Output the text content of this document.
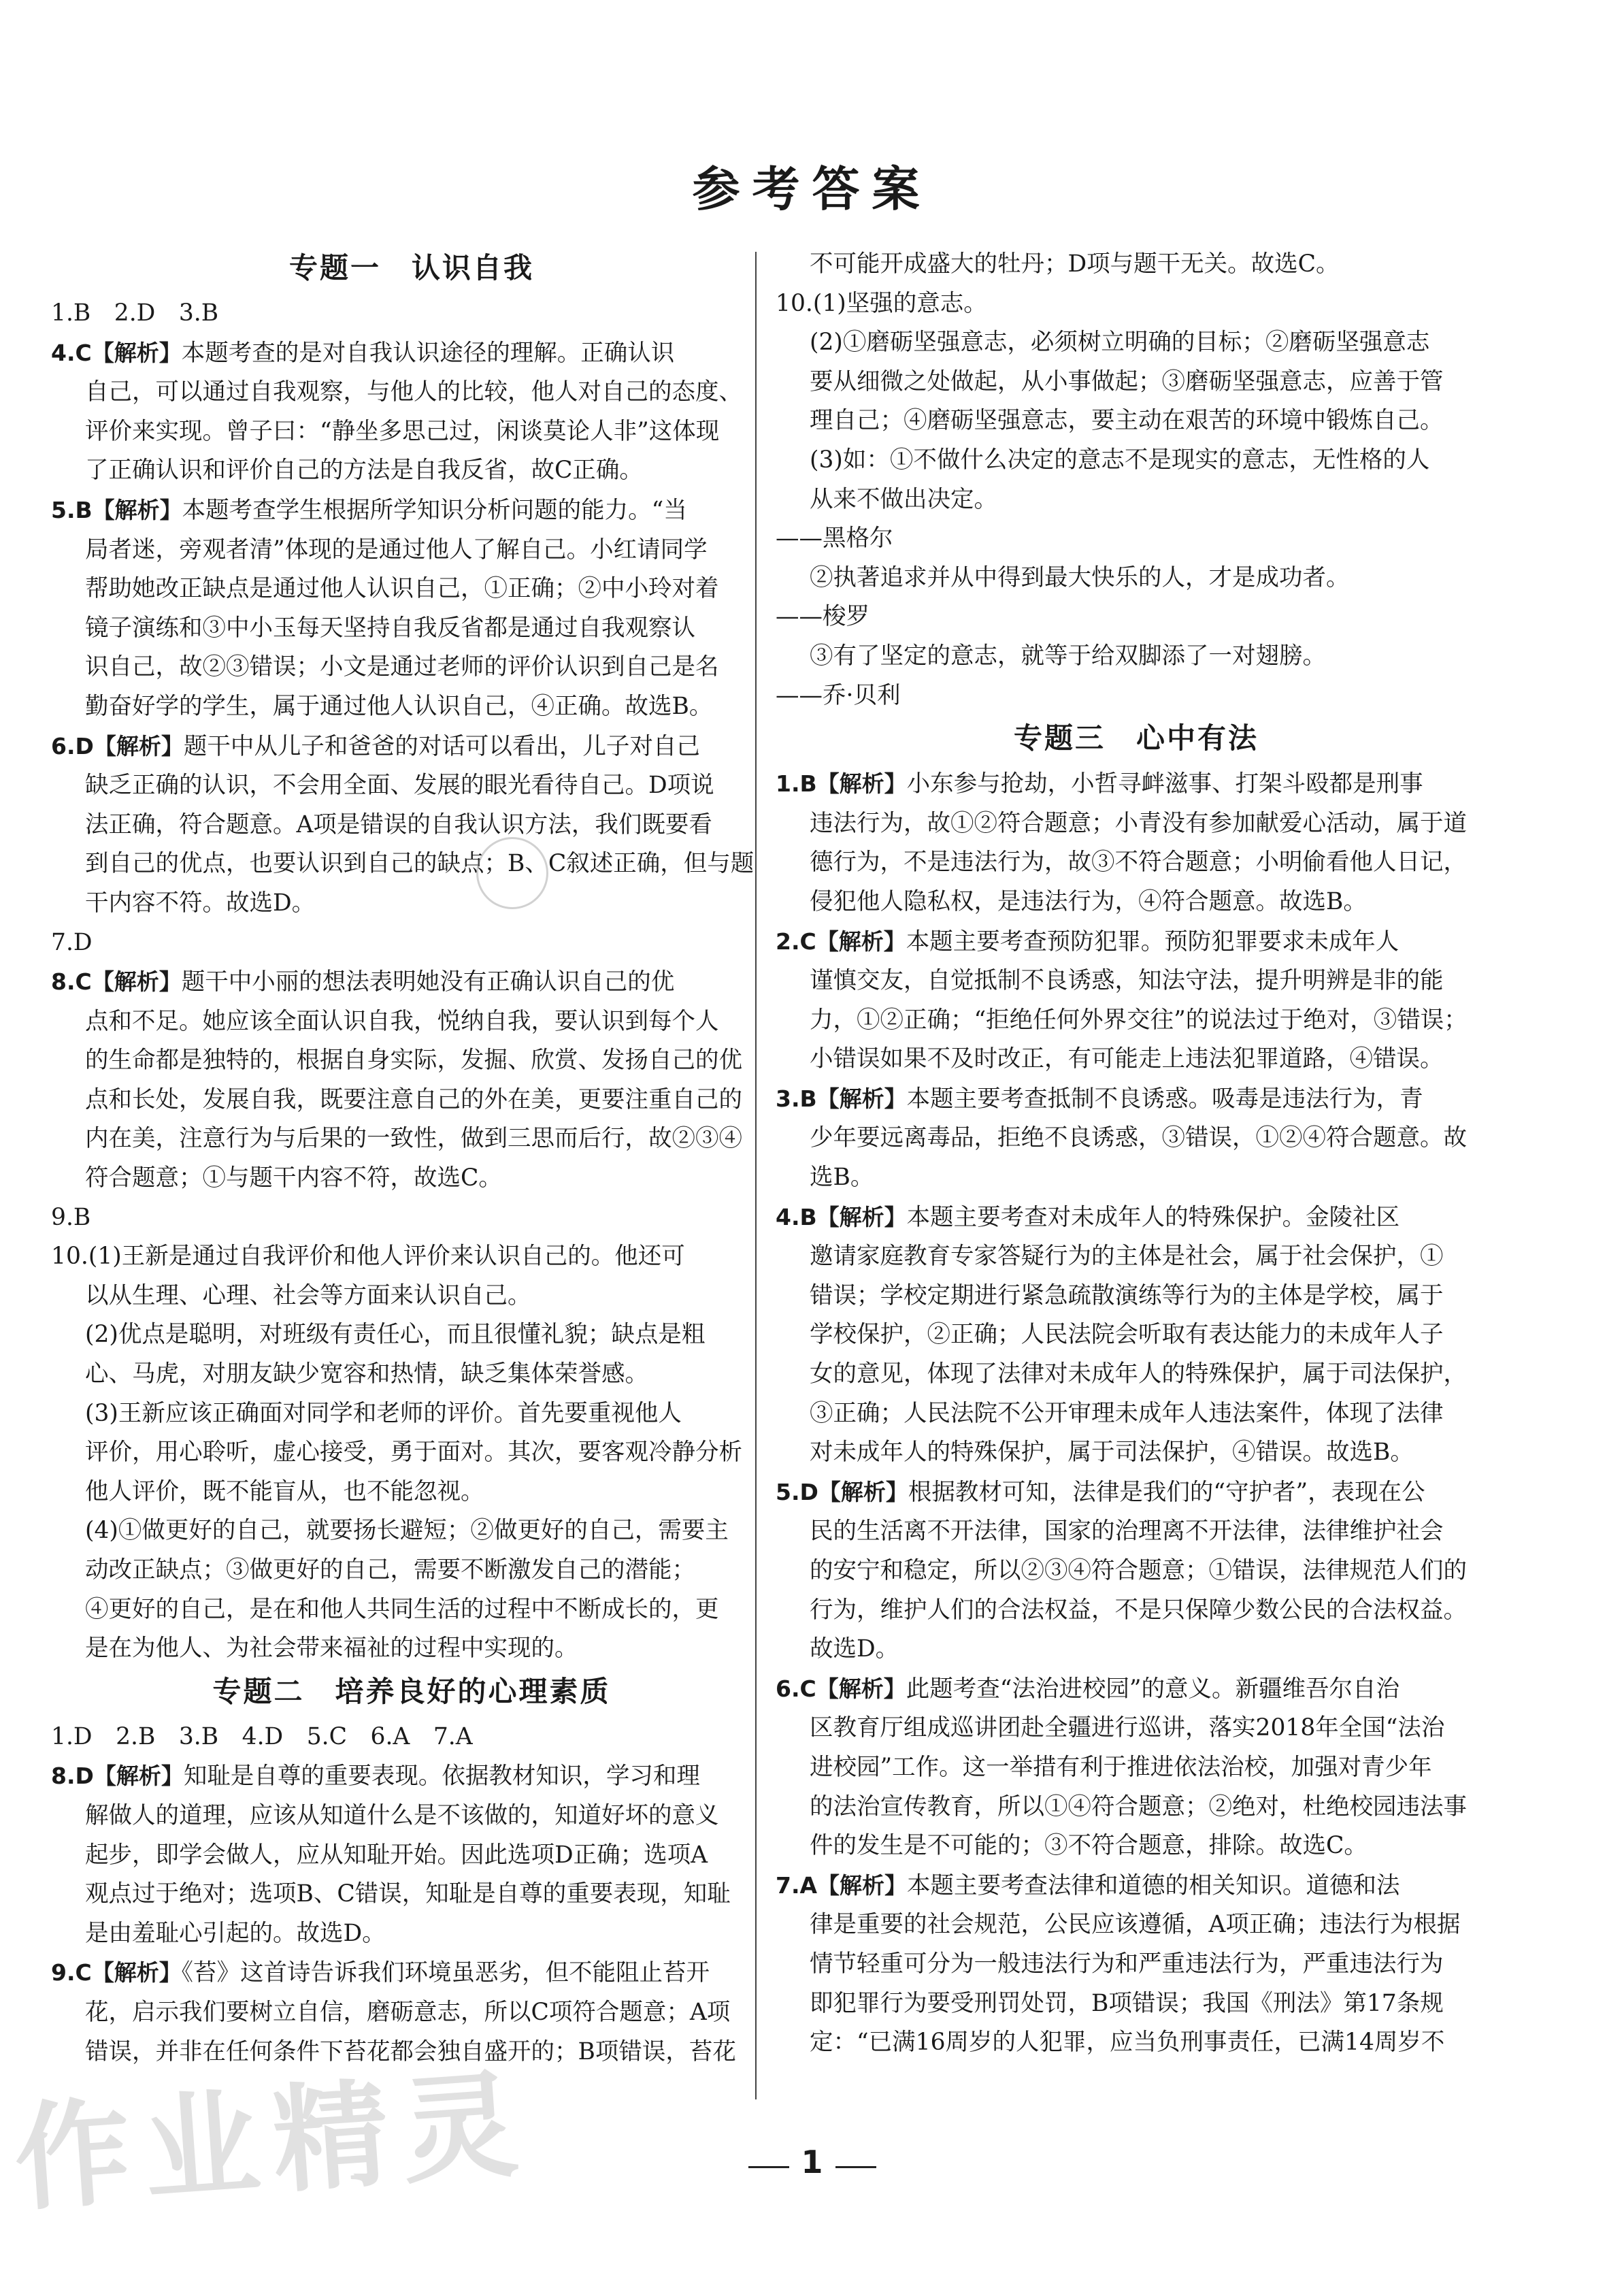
参考答案
专题一　认识自我

1.B　2.D　3.B

4.C【解析】本题考查的是对自我认识途径的理解。正确认识

自己，可以通过自我观察，与他人的比较，他人对自己的态度、

评价来实现。曾子曰：“静坐多思己过，闲谈莫论人非”这体现

了正确认识和评价自己的方法是自我反省，故C正确。

5.B【解析】本题考查学生根据所学知识分析问题的能力。“当

局者迷，旁观者清”体现的是通过他人了解自己。小红请同学

帮助她改正缺点是通过他人认识自己，①正确；②中小玲对着

镜子演练和③中小玉每天坚持自我反省都是通过自我观察认

识自己，故②③错误；小文是通过老师的评价认识到自己是名

勤奋好学的学生，属于通过他人认识自己，④正确。故选B。

6.D【解析】题干中从儿子和爸爸的对话可以看出，儿子对自己

缺乏正确的认识，不会用全面、发展的眼光看待自己。D项说

法正确，符合题意。A项是错误的自我认识方法，我们既要看

到自己的优点，也要认识到自己的缺点；B、C叙述正确，但与题

干内容不符。故选D。

7.D

8.C【解析】题干中小丽的想法表明她没有正确认识自己的优

点和不足。她应该全面认识自我，悦纳自我，要认识到每个人

的生命都是独特的，根据自身实际，发掘、欣赏、发扬自己的优

点和长处，发展自我，既要注意自己的外在美，更要注重自己的

内在美，注意行为与后果的一致性，做到三思而后行，故②③④

符合题意；①与题干内容不符，故选C。

9.B

10.(1)王新是通过自我评价和他人评价来认识自己的。他还可

以从生理、心理、社会等方面来认识自己。

(2)优点是聪明，对班级有责任心，而且很懂礼貌；缺点是粗

心、马虎，对朋友缺少宽容和热情，缺乏集体荣誉感。

(3)王新应该正确面对同学和老师的评价。首先要重视他人

评价，用心聆听，虚心接受，勇于面对。其次，要客观冷静分析

他人评价，既不能盲从，也不能忽视。

(4)①做更好的自己，就要扬长避短；②做更好的自己，需要主

动改正缺点；③做更好的自己，需要不断激发自己的潜能；

④更好的自己，是在和他人共同生活的过程中不断成长的，更

是在为他人、为社会带来福祉的过程中实现的。

专题二　培养良好的心理素质

1.D　2.B　3.B　4.D　5.C　6.A　7.A

8.D【解析】知耻是自尊的重要表现。依据教材知识，学习和理

解做人的道理，应该从知道什么是不该做的，知道好坏的意义

起步，即学会做人，应从知耻开始。因此选项D正确；选项A

观点过于绝对；选项B、C错误，知耻是自尊的重要表现，知耻

是由羞耻心引起的。故选D。

9.C【解析】《苔》这首诗告诉我们环境虽恶劣，但不能阻止苔开

花，启示我们要树立自信，磨砺意志，所以C项符合题意；A项

错误，并非在任何条件下苔花都会独自盛开的；B项错误，苔花

不可能开成盛大的牡丹；D项与题干无关。故选C。

10.(1)坚强的意志。

(2)①磨砺坚强意志，必须树立明确的目标；②磨砺坚强意志

要从细微之处做起，从小事做起；③磨砺坚强意志，应善于管

理自己；④磨砺坚强意志，要主动在艰苦的环境中锻炼自己。

(3)如：①不做什么决定的意志不是现实的意志，无性格的人

从来不做出决定。

——黑格尔

②执著追求并从中得到最大快乐的人，才是成功者。

——梭罗

③有了坚定的意志，就等于给双脚添了一对翅膀。

——乔·贝利

专题三　心中有法

1.B【解析】小东参与抢劫，小哲寻衅滋事、打架斗殴都是刑事

违法行为，故①②符合题意；小青没有参加献爱心活动，属于道

德行为，不是违法行为，故③不符合题意；小明偷看他人日记，

侵犯他人隐私权，是违法行为，④符合题意。故选B。

2.C【解析】本题主要考查预防犯罪。预防犯罪要求未成年人

谨慎交友，自觉抵制不良诱惑，知法守法，提升明辨是非的能

力，①②正确；“拒绝任何外界交往”的说法过于绝对，③错误；

小错误如果不及时改正，有可能走上违法犯罪道路，④错误。

3.B【解析】本题主要考查抵制不良诱惑。吸毒是违法行为，青

少年要远离毒品，拒绝不良诱惑，③错误，①②④符合题意。故

选B。

4.B【解析】本题主要考查对未成年人的特殊保护。金陵社区

邀请家庭教育专家答疑行为的主体是社会，属于社会保护，①

错误；学校定期进行紧急疏散演练等行为的主体是学校，属于

学校保护，②正确；人民法院会听取有表达能力的未成年人子

女的意见，体现了法律对未成年人的特殊保护，属于司法保护，

③正确；人民法院不公开审理未成年人违法案件，体现了法律

对未成年人的特殊保护，属于司法保护，④错误。故选B。

5.D【解析】根据教材可知，法律是我们的“守护者”，表现在公

民的生活离不开法律，国家的治理离不开法律，法律维护社会

的安宁和稳定，所以②③④符合题意；①错误，法律规范人们的

行为，维护人们的合法权益，不是只保障少数公民的合法权益。

故选D。

6.C【解析】此题考查“法治进校园”的意义。新疆维吾尔自治

区教育厅组成巡讲团赴全疆进行巡讲，落实2018年全国“法治

进校园”工作。这一举措有利于推进依法治校，加强对青少年

的法治宣传教育，所以①④符合题意；②绝对，杜绝校园违法事

件的发生是不可能的；③不符合题意，排除。故选C。

7.A【解析】本题主要考查法律和道德的相关知识。道德和法

律是重要的社会规范，公民应该遵循，A项正确；违法行为根据

情节轻重可分为一般违法行为和严重违法行为，严重违法行为

即犯罪行为要受刑罚处罚，B项错误；我国《刑法》第17条规

定：“已满16周岁的人犯罪，应当负刑事责任，已满14周岁不

1
作业精灵
